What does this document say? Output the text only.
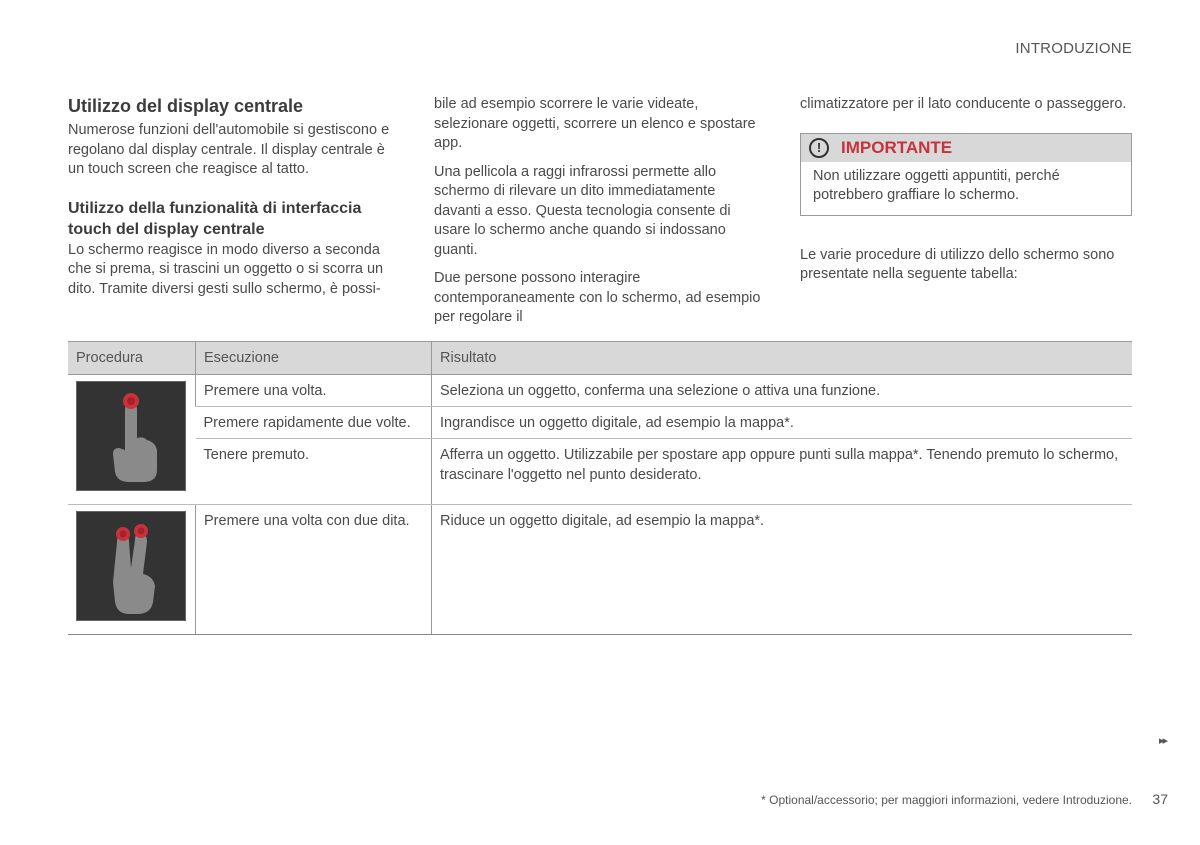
INTRODUZIONE
Utilizzo del display centrale

Numerose funzioni dell'automobile si gestiscono e regolano dal display centrale. Il display centrale è un touch screen che reagisce al tatto.

Utilizzo della funzionalità di interfaccia touch del display centrale

Lo schermo reagisce in modo diverso a seconda che si prema, si trascini un oggetto o si scorra un dito. Tramite diversi gesti sullo schermo, è possi-

bile ad esempio scorrere le varie videate, selezionare oggetti, scorrere un elenco e spostare app.

Una pellicola a raggi infrarossi permette allo schermo di rilevare un dito immediatamente davanti a esso. Questa tecnologia consente di usare lo schermo anche quando si indossano guanti.

Due persone possono interagire contemporaneamente con lo schermo, ad esempio per regolare il

climatizzatore per il lato conducente o passeggero.

!	IMPORTANTE

Non utilizzare oggetti appuntiti, perché potrebbero graffiare lo schermo.

Le varie procedure di utilizzo dello schermo sono presentate nella seguente tabella:

Procedura	Esecuzione	Risultato

	Premere una volta.	Seleziona un oggetto, conferma una selezione o attiva una funzione.
	Premere rapidamente due volte.	Ingrandisce un oggetto digitale, ad esempio la mappa*.
	Tenere premuto.	Afferra un oggetto. Utilizzabile per spostare app oppure punti sulla mappa*. Tenendo premuto lo schermo, trascinare l'oggetto nel punto desiderato.

	Premere una volta con due dita.	Riduce un oggetto digitale, ad esempio la mappa*.
▸▸
* Optional/accessorio; per maggiori informazioni, vedere Introduzione. 37
